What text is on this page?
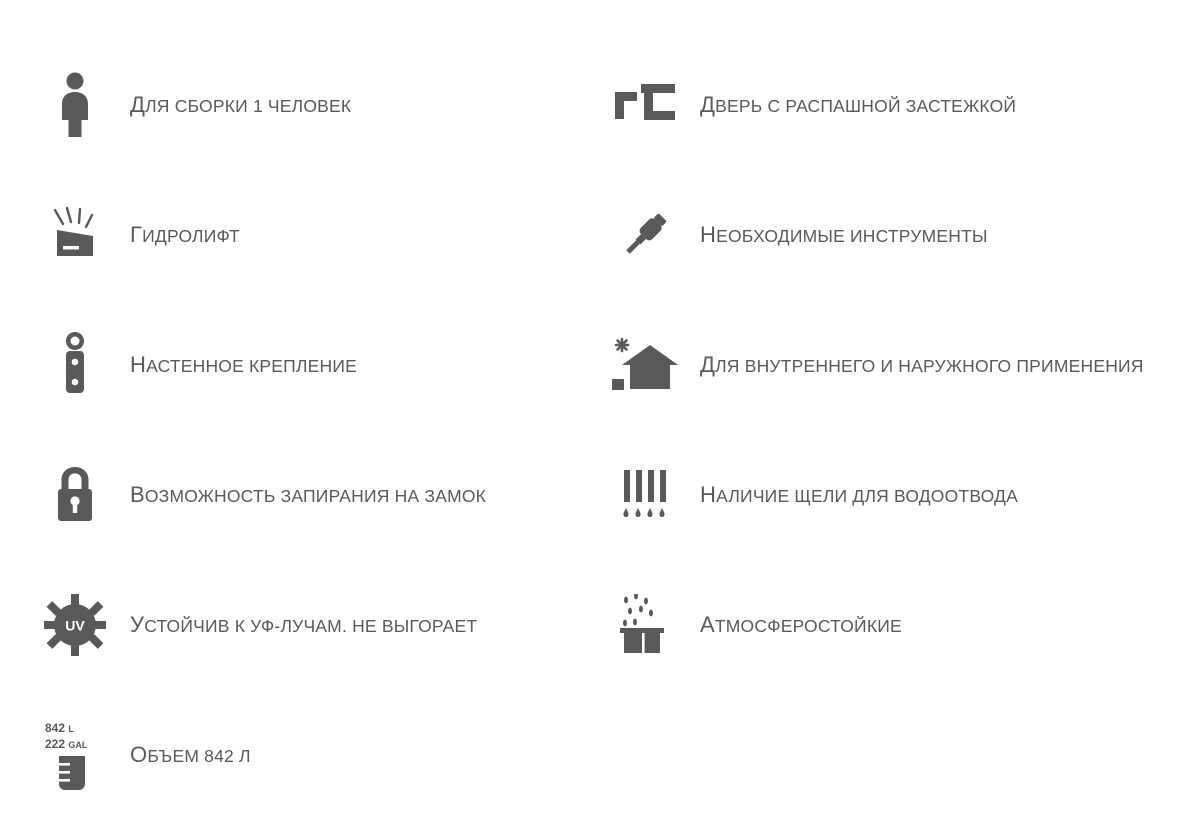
ДЛЯ СБОРКИ 1 ЧЕЛОВЕК
ГИДРОЛИФТ
НАСТЕННОЕ КРЕПЛЕНИЕ
ВОЗМОЖНОСТЬ ЗАПИРАНИЯ НА ЗАМОК
UV	УСТОЙЧИВ К УФ-ЛУЧАМ. НЕ ВЫГОРАЕТ
842 L
222 GAL ОБЪЕМ 842 Л
ДВЕРЬ С РАСПАШНОЙ ЗАСТЕЖКОЙ
НЕОБХОДИМЫЕ ИНСТРУМЕНТЫ
ДЛЯ ВНУТРЕННЕГО И НАРУЖНОГО ПРИМЕНЕНИЯ
НАЛИЧИЕ ЩЕЛИ ДЛЯ ВОДООТВОДА
АТМОСФЕРОСТОЙКИЕ
